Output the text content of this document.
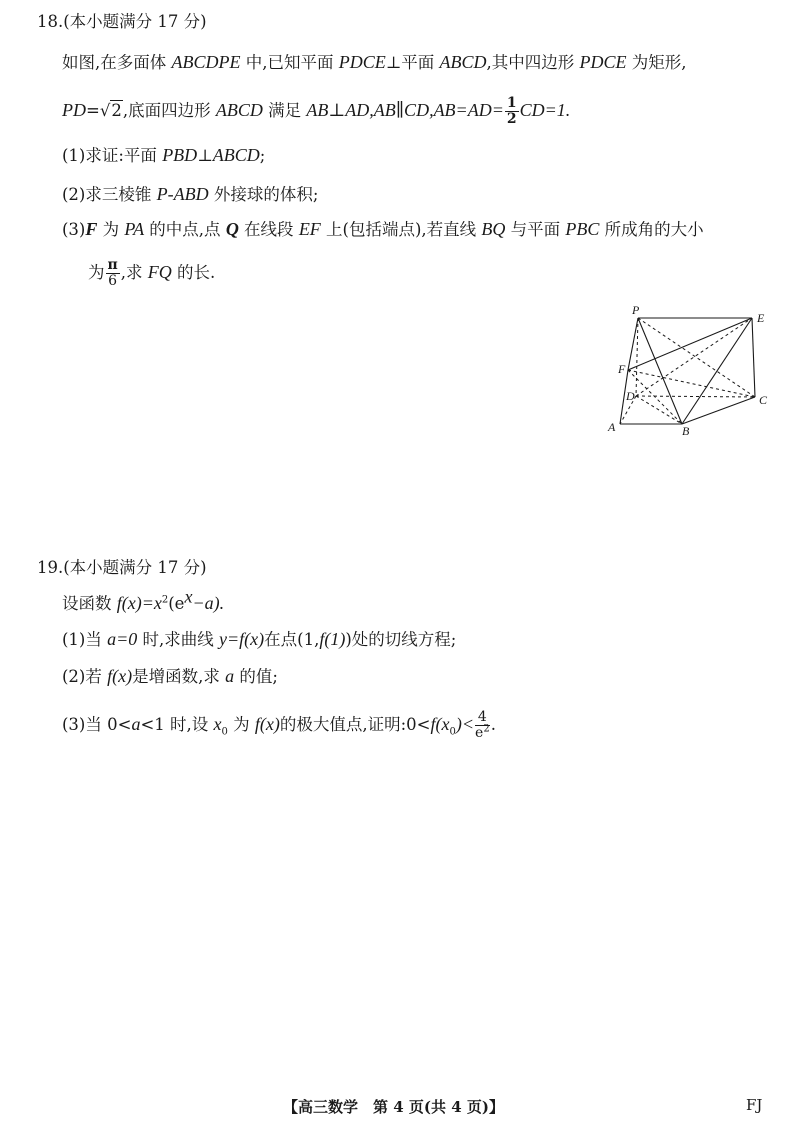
18.(本小题满分 17 分)
如图,在多面体 ABCDPE 中,已知平面 PDCE⊥平面 ABCD,其中四边形 PDCE 为矩形,
PD=√2,底面四边形 ABCD 满足 AB⊥AD,AB∥CD,AB=AD= $\frac{1}{2} CD=1$.
(1)求证:平面 PBD⊥ABCD;
(2)求三棱锥 P-ABD 外接球的体积;
(3)F 为 PA 的中点,点 Q 在线段 EF 上(包括端点),若直线 BQ 与平面 PBC 所成角的大小
为 $\frac{\pi}{6}$ ,求 FQ 的长.
P
E
F
D	C
A	B
19.(本小题满分 17 分)
设函数 $f(x)=x^2(e^x-a)$.
(1)当 a=0 时,求曲线 y=f(x)在点(1,f(1))处的切线方程;
(2)若 f(x)是增函数,求 a 的值;
(3)当 0<a<1 时,设 $x_0$ 为 f(x)的极大值点,证明$:0<f(x_0)< \frac{4}{e^2}$ .
【高三数学　第 4 页(共 4 页)】	FJ
